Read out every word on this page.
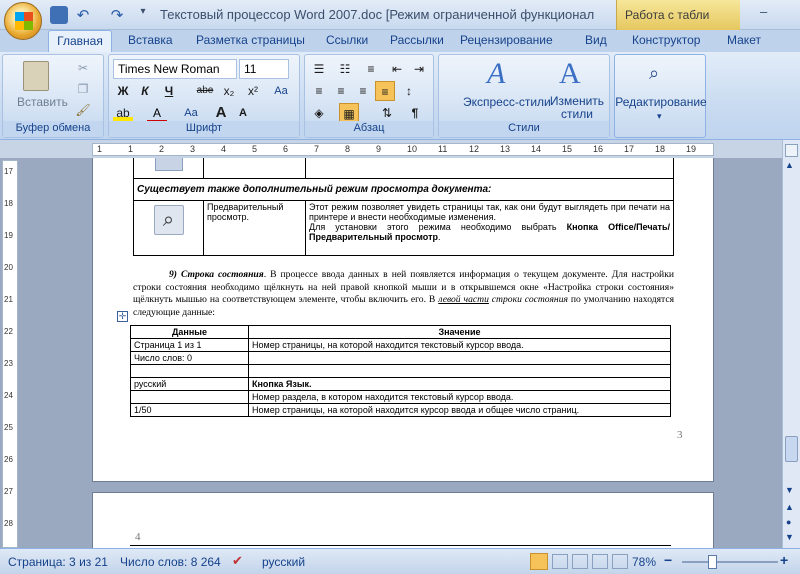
↶ ↷	▾	Текстовый процессор Word 2007.doc [Режим ограниченной функционал	Работа с табли	–
Главная	Вставка Разметка страницы Ссылки Рассылки Рецензирование	Вид Конструктор Макет
Вставить
✂
❐
🖌
Буфер обмена
Times New Roman	11
Ж	К	Ч	abe x₂	x²	Aa
ab	A	Aa	A	A
Шрифт
☰	☷	≡	⇤ ⇥
≡	≡	≡	≡	↕
◈	▦	⇅	¶
Абзац
A A
Экспресс-стили Изменить стили
Стили
⌕
Редактирование
▾
1	1	2	3	4	5	6	7	8	9	10 11 12 13 14 15 16 17 18 19
17
18
19
20
21
22
23
24
25
26
27
28

Существует также дополнительный режим просмотра документа:		

⌕	Предварительный просмотр.	Этот режим позволяет увидеть страницы так, как они будут выглядеть при печати на принтере и внести необходимые изменения.
Для установки этого режима необходимо выбрать Кнопка Office/Печать/Предварительный просмотр.
9) Строка состояния. В процессе ввода данных в ней появляется информация о текущем документе. Для настройки строки состояния необходимо щёлкнуть на ней правой кнопкой мыши и в открывшемся окне «Настройка строки состояния» щёлкнуть мышью на соответствующем элементе, чтобы включить его. В левой части строки состояния по умолчанию находятся следующие данные:
✛
Данные	Значение
Страница 1 из 1	Номер страницы, на которой находится текстовый курсор ввода.
Число слов: 0	

русский	Кнопка Язык.
	Номер раздела, в котором находится текстовый курсор ввода.
1/50	Номер страницы, на которой находится курсор ввода и общее число страниц.
3
4
▲
▼
▲
●
▼
Страница: 3 из 21 Число слов: 8 264 ✔ русский	78% −	+
